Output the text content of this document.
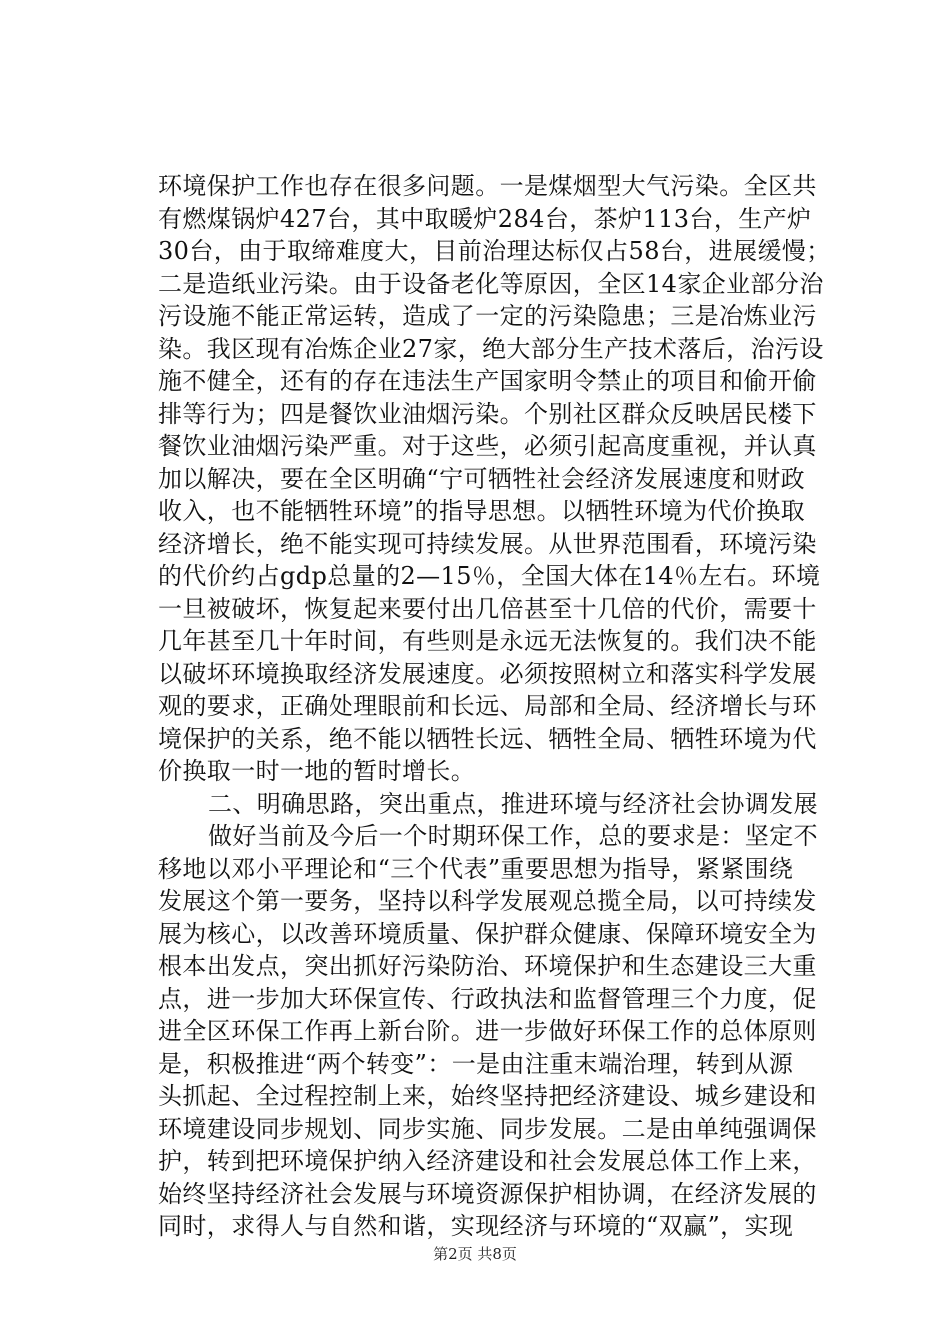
环境保护工作也存在很多问题。一是煤烟型大气污染。全区共
有燃煤锅炉427台，其中取暖炉284台，茶炉113台，生产炉
30台，由于取缔难度大，目前治理达标仅占58台，进展缓慢；
二是造纸业污染。由于设备老化等原因，全区14家企业部分治
污设施不能正常运转，造成了一定的污染隐患；三是冶炼业污
染。我区现有冶炼企业27家，绝大部分生产技术落后，治污设
施不健全，还有的存在违法生产国家明令禁止的项目和偷开偷
排等行为；四是餐饮业油烟污染。个别社区群众反映居民楼下
餐饮业油烟污染严重。对于这些，必须引起高度重视，并认真
加以解决，要在全区明确“宁可牺牲社会经济发展速度和财政
收入，也不能牺牲环境”的指导思想。以牺牲环境为代价换取
经济增长，绝不能实现可持续发展。从世界范围看，环境污染
的代价约占gdp总量的2—15％，全国大体在14％左右。环境
一旦被破坏，恢复起来要付出几倍甚至十几倍的代价，需要十
几年甚至几十年时间，有些则是永远无法恢复的。我们决不能
以破坏环境换取经济发展速度。必须按照树立和落实科学发展
观的要求，正确处理眼前和长远、局部和全局、经济增长与环
境保护的关系，绝不能以牺牲长远、牺牲全局、牺牲环境为代
价换取一时一地的暂时增长。
二、明确思路，突出重点，推进环境与经济社会协调发展
做好当前及今后一个时期环保工作，总的要求是：坚定不
移地以邓小平理论和“三个代表”重要思想为指导，紧紧围绕
发展这个第一要务，坚持以科学发展观总揽全局，以可持续发
展为核心，以改善环境质量、保护群众健康、保障环境安全为
根本出发点，突出抓好污染防治、环境保护和生态建设三大重
点，进一步加大环保宣传、行政执法和监督管理三个力度，促
进全区环保工作再上新台阶。进一步做好环保工作的总体原则
是，积极推进“两个转变”：一是由注重末端治理，转到从源
头抓起、全过程控制上来，始终坚持把经济建设、城乡建设和
环境建设同步规划、同步实施、同步发展。二是由单纯强调保
护，转到把环境保护纳入经济建设和社会发展总体工作上来，
始终坚持经济社会发展与环境资源保护相协调，在经济发展的
同时，求得人与自然和谐，实现经济与环境的“双赢”，实现
第2页 共8页
